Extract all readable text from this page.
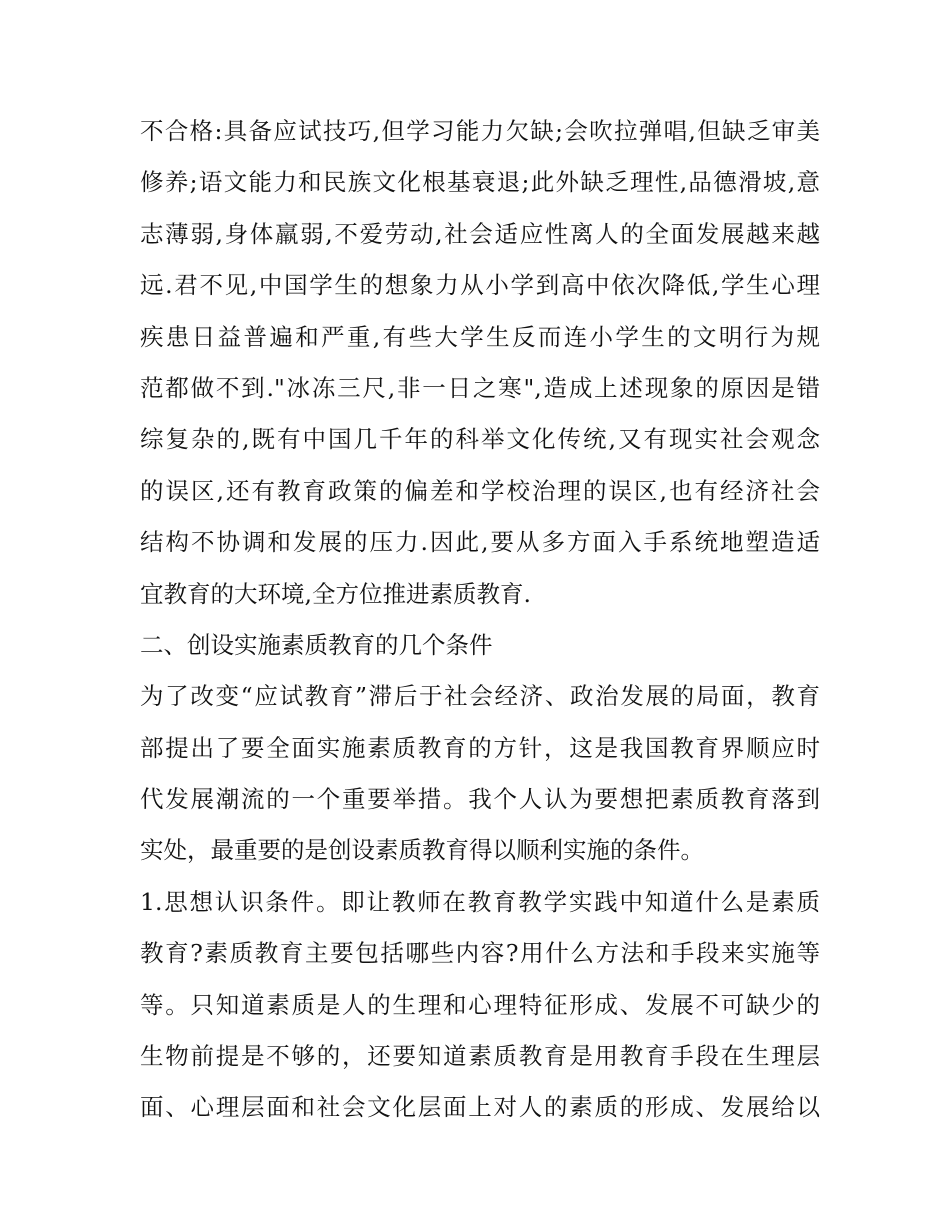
不合格:具备应试技巧,但学习能力欠缺;会吹拉弹唱,但缺乏审美
修养;语文能力和民族文化根基衰退;此外缺乏理性,品德滑坡,意
志薄弱,身体羸弱,不爱劳动,社会适应性离人的全面发展越来越
远.君不见,中国学生的想象力从小学到高中依次降低,学生心理
疾患日益普遍和严重,有些大学生反而连小学生的文明行为规
范都做不到."冰冻三尺,非一日之寒",造成上述现象的原因是错
综复杂的,既有中国几千年的科举文化传统,又有现实社会观念
的误区,还有教育政策的偏差和学校治理的误区,也有经济社会
结构不协调和发展的压力.因此,要从多方面入手系统地塑造适
宜教育的大环境,全方位推进素质教育.
二、创设实施素质教育的几个条件
为了改变“应试教育”滞后于社会经济、政治发展的局面，教育
部提出了要全面实施素质教育的方针，这是我国教育界顺应时
代发展潮流的一个重要举措。我个人认为要想把素质教育落到
实处，最重要的是创设素质教育得以顺利实施的条件。
1.思想认识条件。即让教师在教育教学实践中知道什么是素质
教育?素质教育主要包括哪些内容?用什么方法和手段来实施等
等。只知道素质是人的生理和心理特征形成、发展不可缺少的
生物前提是不够的，还要知道素质教育是用教育手段在生理层
面、心理层面和社会文化层面上对人的素质的形成、发展给以
